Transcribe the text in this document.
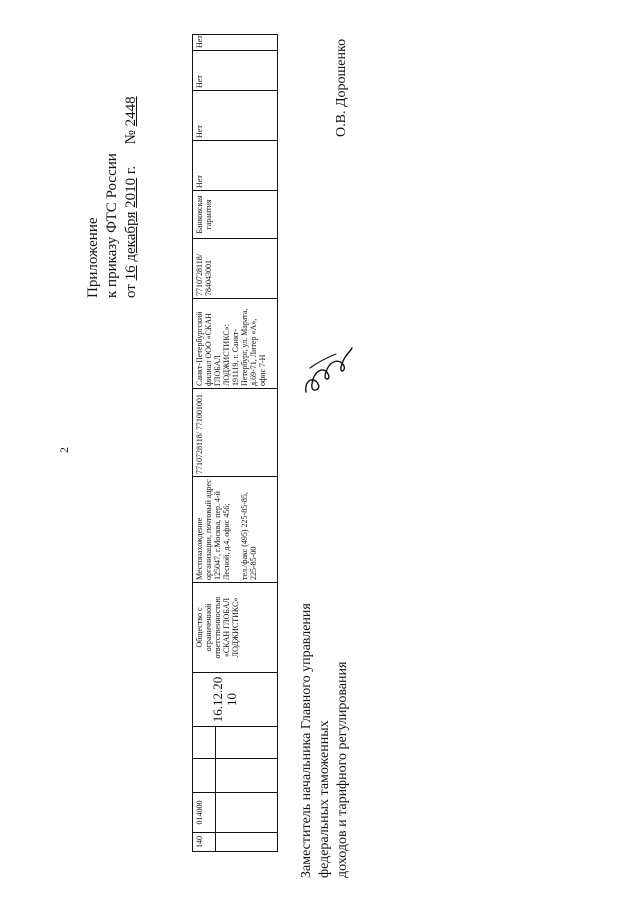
2
Приложение к приказу ФТС России от 16 декабря 2010 г.  № 2448
140
014000
16.12.2010
Общество с ограниченной ответственностью «СКАН ГЛОБАЛ ЛОДЖИСТИКС»
Местонахождение организации, почтовый адрес
125047, г.Москва, пер. 4-й Лесной, д.4, офис 456; тел./факс (495) 225-85-85, 225-85-00
7710728118/ 771001001
Санкт-Петербургский филиал ООО «СКАН ГЛОБАЛ ЛОДЖИСТИКС»: 191119, г. Санкт-Петербург, ул. Марата, д.69-71, Литер «А», офис 7-Н
7710728118/ 784043001
Банковская гарантия
Нет
Нет
Нет
Нет
Заместитель начальника Главного управления федеральных таможенных доходов и тарифного регулирования
О.В. Дорошенко
